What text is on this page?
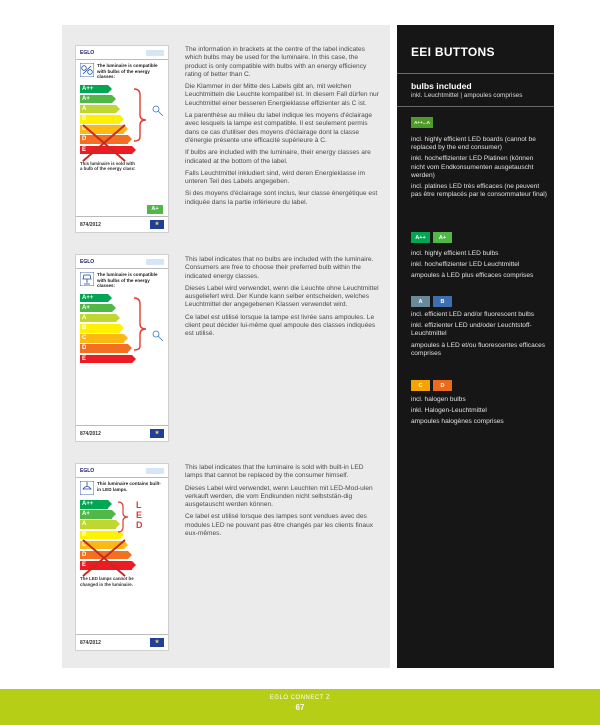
EGLO
The luminaire is compatible with bulbs of the energy classes:
A++
A+
A
B
C
D
E
This luminaire is sold with a bulb of the energy class:
A+
874/2012	★
EGLO
The luminaire is compatible with bulbs of the energy classes:
A++
A+
A
B
C
D
E
874/2012	★
EGLO
This luminaire contains built-in LED lamps.
A++
A+
A
B
C
D
E
L
E
D
The LED lamps cannot be changed in the luminaire.
874/2012	★

The information in brackets at the centre of the label indicates which bulbs may be used for the luminaire. In this case, the product is only compatible with bulbs with an energy efficiency rating of better than C.

Die Klammer in der Mitte des Labels gibt an, mit welchen Leuchtmitteln die Leuchte kompatibel ist. In diesem Fall dürfen nur Leuchtmittel einer besseren Energieklasse effizienter als C ist.

La parenthèse au milieu du label indique les moyens d'éclairage avec lesquels la lampe est compatible. Il est seulement permis dans ce cas d'utiliser des moyens d'éclairage dont la classe d'énergie présente une efficacité supérieure à C.

If bulbs are included with the luminaire, their energy classes are indicated at the bottom of the label.

Falls Leuchtmittel inkludiert sind, wird deren Energieklasse im unteren Teil des Labels angegeben.

Si des moyens d'éclairage sont inclus, leur classe énergétique est indiquée dans la partie inférieure du label.

This label indicates that no bulbs are included with the luminaire. Consumers are free to choose their preferred bulb within the indicated energy classes.

Dieses Label wird verwendet, wenn die Leuchte ohne Leuchtmittel ausgeliefert wird. Der Kunde kann selber entscheiden, welches Leuchtmittel der angegebenen Klassen verwendet wird.

Ce label est utilisé lorsque la lampe est livrée sans ampoules. Le client peut décider lui-même quel ampoule des classes indiquées est utilisé.

This label indicates that the luminaire is sold with built-in LED lamps that cannot be replaced by the consumer himself.

Dieses Label wird verwendet, wenn Leuchten mit LED-Mod-ulen verkauft werden, die vom Endkunden nicht selbststän-dig ausgetauscht werden können.

Ce label est utilisé lorsque des lampes sont vendues avec des modules LED ne pouvant pas être changés par les clients finaux eux-mêmes.

EEI BUTTONS
bulbs included
inkl. Leuchtmittel | ampoules comprises
A++...A

incl. highly efficient LED boards (cannot be replaced by the end consumer)

inkl. hocheffizienter LED Platinen (können nicht vom Endkonsumenten ausgetauscht werden)

incl. platines LED très efficaces (ne peuvent pas être remplacés par le consommateur final)

A++	A+

incl. highly efficient LED bulbs

inkl. hocheffizienter LED Leuchtmittel

ampoules à LED plus efficaces comprises

A	B

incl. efficient LED and/or fluorescent bulbs

inkl. effizienter LED und/oder Leuchtstoff-Leuchtmittel

ampoules à LED et/ou fluorescentes efficaces comprises

C	D

incl. halogen bulbs

inkl. Halogen-Leuchtmittel

ampoules halogènes comprises

EGLO CONNECT Z
67
